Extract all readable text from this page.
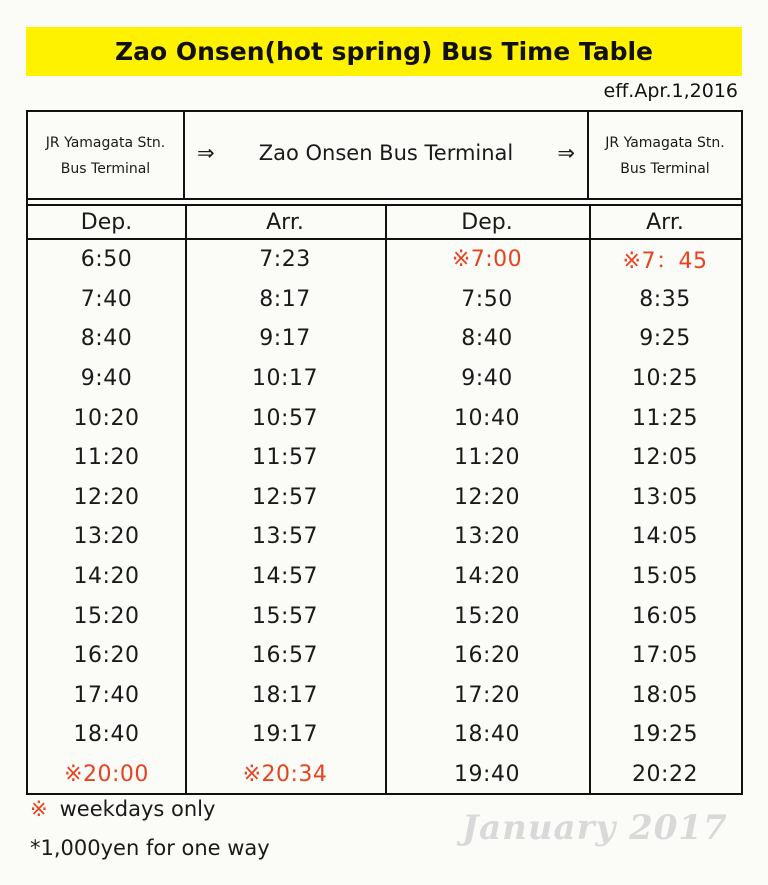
Zao Onsen(hot spring) Bus Time Table
eff.Apr.1,2016
JR Yamagata Stn.
Bus Terminal
⇒ Zao Onsen Bus Terminal ⇒	JR Yamagata Stn.
Bus Terminal
Dep.
6:50
7:40
8:40
9:40
10:20
11:20
12:20
13:20
14:20
15:20
16:20
17:40
18:40
※20:00
Arr.
7:23
8:17
9:17
10:17
10:57
11:57
12:57
13:57
14:57
15:57
16:57
18:17
19:17
※20:34
Dep.
※7:00
7:50
8:40
9:40
10:40
11:20
12:20
13:20
14:20
15:20
16:20
17:20
18:40
19:40
Arr.
※7：45
8:35
9:25
10:25
11:25
12:05
13:05
14:05
15:05
16:05
17:05
18:05
19:25
20:22
※ weekdays only
*1,000yen for one way	January 2017
